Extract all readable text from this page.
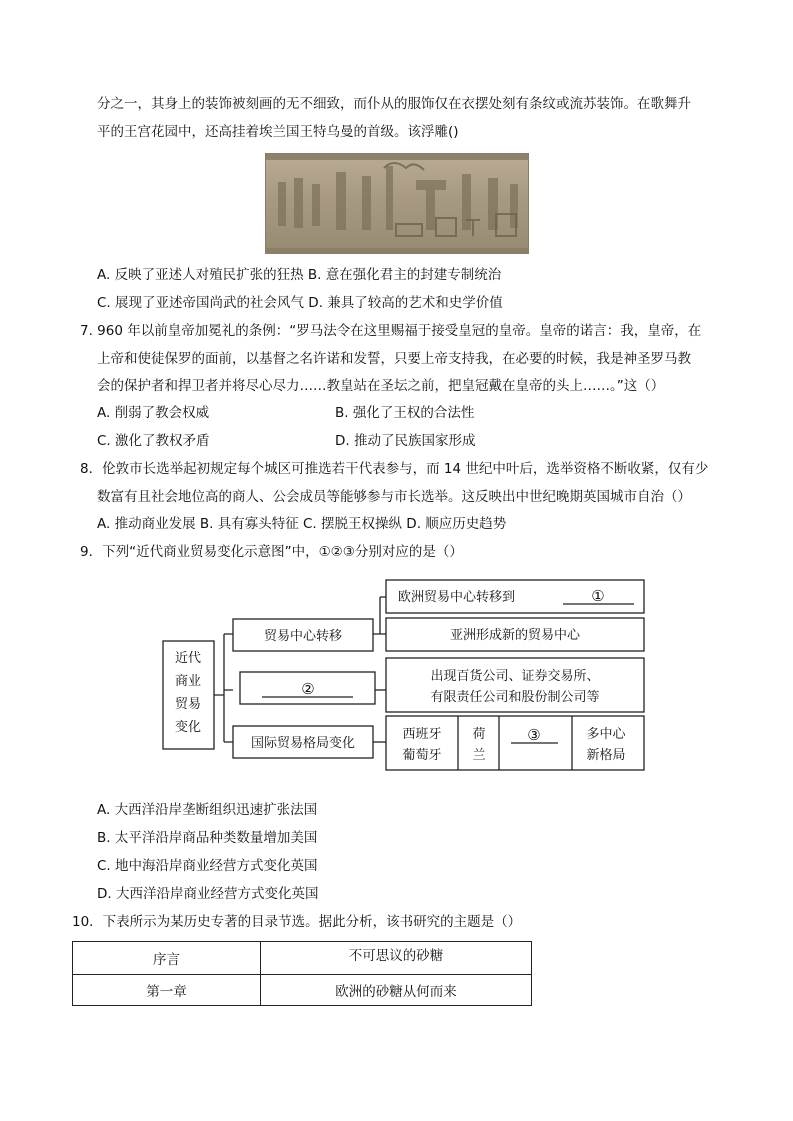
分之一，其身上的装饰被刻画的无不细致，而仆从的服饰仅在衣摆处刻有条纹或流苏装饰。在歌舞升
平的王宫花园中，还高挂着埃兰国王特乌曼的首级。该浮雕()
A. 反映了亚述人对殖民扩张的狂热 B. 意在强化君主的封建专制统治
C. 展现了亚述帝国尚武的社会风气 D. 兼具了较高的艺术和史学价值
7. 960 年以前皇帝加冕礼的条例：“罗马法令在这里赐福于接受皇冠的皇帝。皇帝的诺言：我，皇帝，在
上帝和使徒保罗的面前，以基督之名许诺和发誓，只要上帝支持我，在必要的时候，我是神圣罗马教
会的保护者和捍卫者并将尽心尽力……教皇站在圣坛之前，把皇冠戴在皇帝的头上……。”这（）
A. 削弱了教会权威	B. 强化了王权的合法性
C. 激化了教权矛盾	D. 推动了民族国家形成
8．伦敦市长选举起初规定每个城区可推选若干代表参与，而 14 世纪中叶后，选举资格不断收紧，仅有少
数富有且社会地位高的商人、公会成员等能够参与市长选举。这反映出中世纪晚期英国城市自治（）
A. 推动商业发展 B. 具有寡头特征 C. 摆脱王权操纵 D. 顺应历史趋势
9．下列“近代商业贸易变化示意图”中，①②③分别对应的是（）
近代
商业
贸易
变化
贸易中心转移
②
国际贸易格局变化
欧洲贸易中心转移到	①
亚洲形成新的贸易中心
出现百货公司、证券交易所、
有限责任公司和股份制公司等
西班牙
葡萄牙
荷
兰
③	多中心
新格局
A. 大西洋沿岸垄断组织迅速扩张法国
B. 太平洋沿岸商品种类数量增加美国
C. 地中海沿岸商业经营方式变化英国
D. 大西洋沿岸商业经营方式变化英国
10．下表所示为某历史专著的目录节选。据此分析，该书研究的主题是（）
序言	不可思议的砂糖
第一章	欧洲的砂糖从何而来
